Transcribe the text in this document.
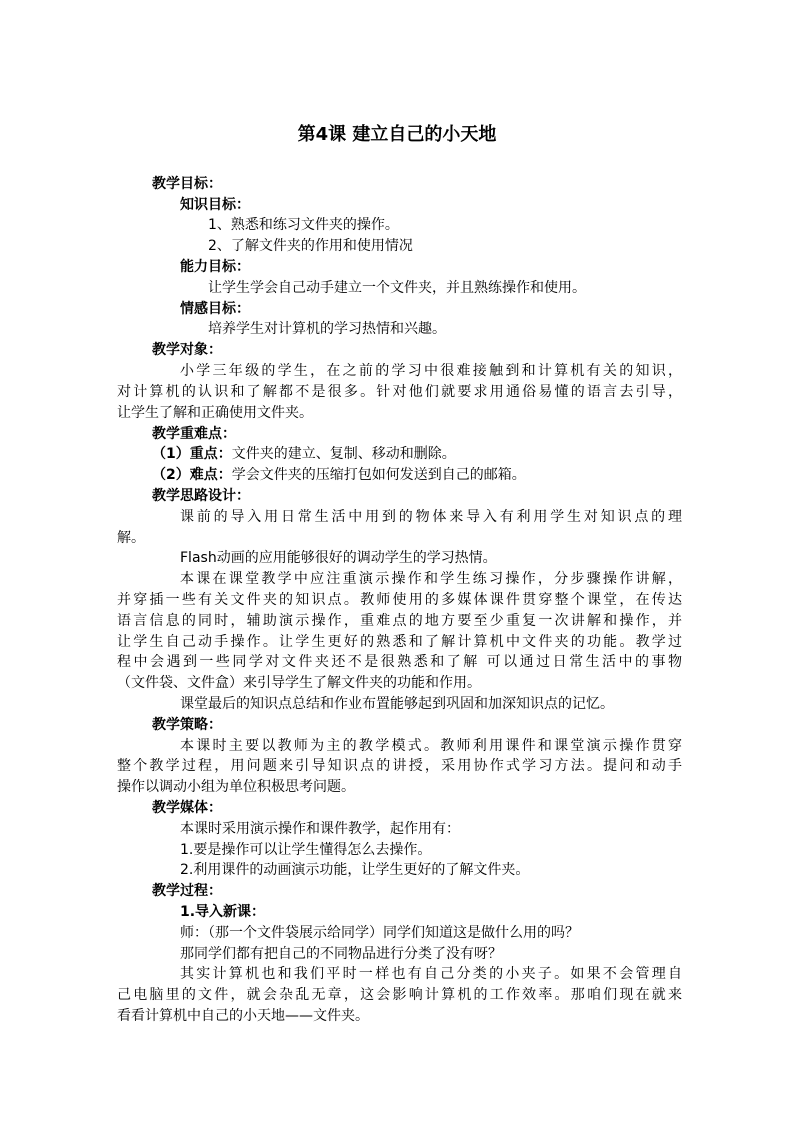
第4课 建立自己的小天地
教学目标：
知识目标：
1、熟悉和练习文件夹的操作。
2、了解文件夹的作用和使用情况
能力目标：
让学生学会自己动手建立一个文件夹，并且熟练操作和使用。
情感目标：
培养学生对计算机的学习热情和兴趣。
教学对象：
小学三年级的学生，在之前的学习中很难接触到和计算机有关的知识，
对计算机的认识和了解都不是很多。针对他们就要求用通俗易懂的语言去引导，
让学生了解和正确使用文件夹。
教学重难点：
（1）重点：文件夹的建立、复制、移动和删除。
（2）难点：学会文件夹的压缩打包如何发送到自己的邮箱。
教学思路设计：
课前的导入用日常生活中用到的物体来导入有利用学生对知识点的理
解。
Flash动画的应用能够很好的调动学生的学习热情。
本课在课堂教学中应注重演示操作和学生练习操作，分步骤操作讲解，
并穿插一些有关文件夹的知识点。教师使用的多媒体课件贯穿整个课堂，在传达
语言信息的同时，辅助演示操作，重难点的地方要至少重复一次讲解和操作，并
让学生自己动手操作。让学生更好的熟悉和了解计算机中文件夹的功能。教学过
程中会遇到一些同学对文件夹还不是很熟悉和了解 可以通过日常生活中的事物
（文件袋、文件盒）来引导学生了解文件夹的功能和作用。
课堂最后的知识点总结和作业布置能够起到巩固和加深知识点的记忆。
教学策略：
本课时主要以教师为主的教学模式。教师利用课件和课堂演示操作贯穿
整个教学过程，用问题来引导知识点的讲授，采用协作式学习方法。提问和动手
操作以调动小组为单位积极思考问题。
教学媒体：
本课时采用演示操作和课件教学，起作用有：
1.要是操作可以让学生懂得怎么去操作。
2.利用课件的动画演示功能，让学生更好的了解文件夹。
教学过程：
1.导入新课：
师：（那一个文件袋展示给同学）同学们知道这是做什么用的吗？
那同学们都有把自己的不同物品进行分类了没有呀？
其实计算机也和我们平时一样也有自己分类的小夹子。如果不会管理自
己电脑里的文件，就会杂乱无章，这会影响计算机的工作效率。那咱们现在就来
看看计算机中自己的小天地——文件夹。
